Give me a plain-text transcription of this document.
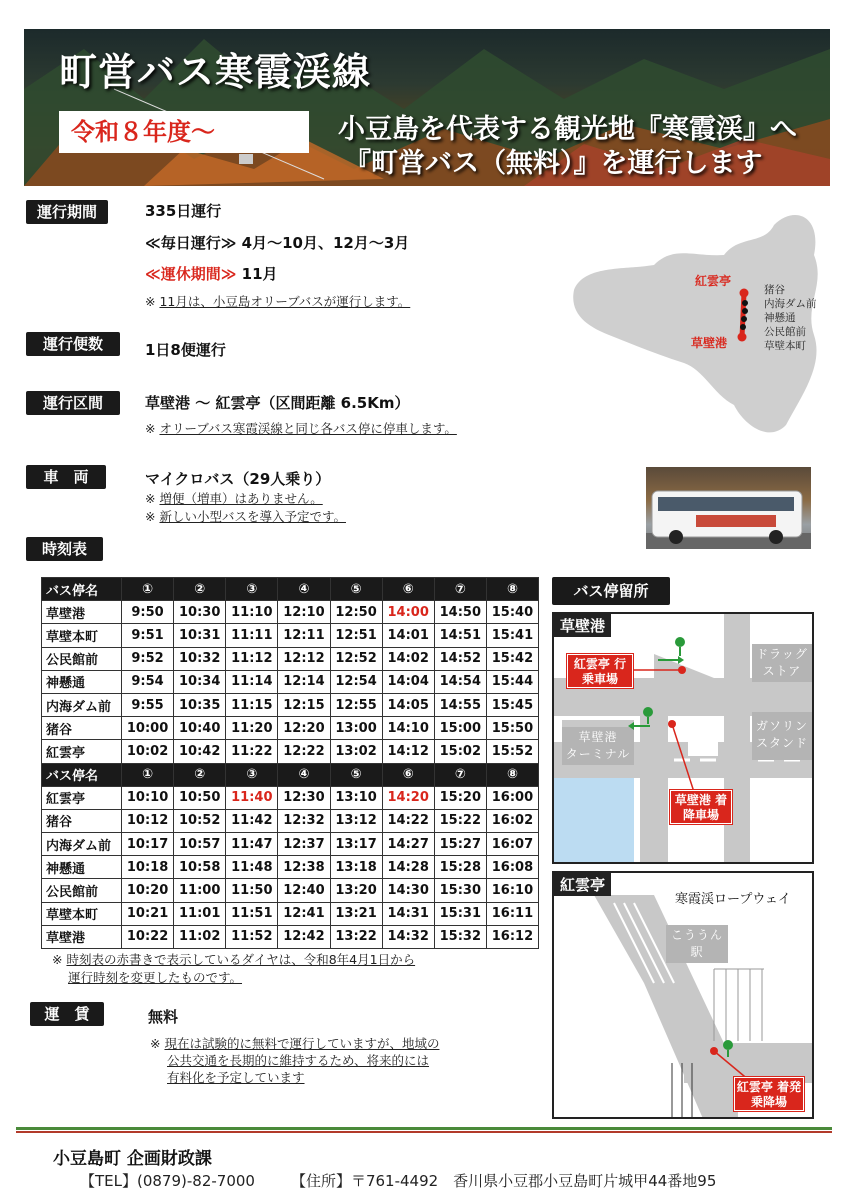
町営バス寒霞渓線
令和８年度～	小豆島を代表する観光地『寒霞渓』へ
『町営バス（無料）』を運行します
運行期間	335日運行
≪毎日運行≫ 4月～10月、12月～3月
≪運休期間≫ 11月
※ 11月は、小豆島オリーブバスが運行します。
運行便数	1日8便運行
運行区間	草壁港 ～ 紅雲亭（区間距離 6.5Km）
※ オリーブバス寒霞渓線と同じ各バス停に停車します。
車　両	マイクロバス（29人乗り）
※ 増便（増車）はありません。
※ 新しい小型バスを導入予定です。
紅雲亭
草壁港
猪谷
内海ダム前
神懸通
公民館前
草壁本町
時刻表
バス停名	①	②	③	④	⑤	⑥	⑦	⑧
草壁港	9:50	10:30	11:10	12:10	12:50	14:00	14:50	15:40
草壁本町	9:51	10:31	11:11	12:11	12:51	14:01	14:51	15:41
公民館前	9:52	10:32	11:12	12:12	12:52	14:02	14:52	15:42
神懸通	9:54	10:34	11:14	12:14	12:54	14:04	14:54	15:44
内海ダム前	9:55	10:35	11:15	12:15	12:55	14:05	14:55	15:45
猪谷	10:00	10:40	11:20	12:20	13:00	14:10	15:00	15:50
紅雲亭	10:02	10:42	11:22	12:22	13:02	14:12	15:02	15:52
バス停名	①	②	③	④	⑤	⑥	⑦	⑧
紅雲亭	10:10	10:50	11:40	12:30	13:10	14:20	15:20	16:00
猪谷	10:12	10:52	11:42	12:32	13:12	14:22	15:22	16:02
内海ダム前	10:17	10:57	11:47	12:37	13:17	14:27	15:27	16:07
神懸通	10:18	10:58	11:48	12:38	13:18	14:28	15:28	16:08
公民館前	10:20	11:00	11:50	12:40	13:20	14:30	15:30	16:10
草壁本町	10:21	11:01	11:51	12:41	13:21	14:31	15:31	16:11
草壁港	10:22	11:02	11:52	12:42	13:22	14:32	15:32	16:12
※ 時刻表の赤書きで表示しているダイヤは、令和8年4月1日から
運行時刻を変更したものです。
運　賃	無料
※ 現在は試験的に無料で運行していますが、地域の
公共交通を長期的に維持するため、将来的には
有料化を予定しています
バス停留所
草壁港
紅雲亭 行
乗車場
草壁港 着
降車場
ドラッグ
ストア
ガソリン
スタンド
草壁港
ターミナル
紅雲亭
寒霞渓ロープウェイ
こううん
駅
紅雲亭 着発
乗降場
小豆島町 企画財政課
【TEL】(0879)-82-7000 【住所】〒761-4492　香川県小豆郡小豆島町片城甲44番地95
